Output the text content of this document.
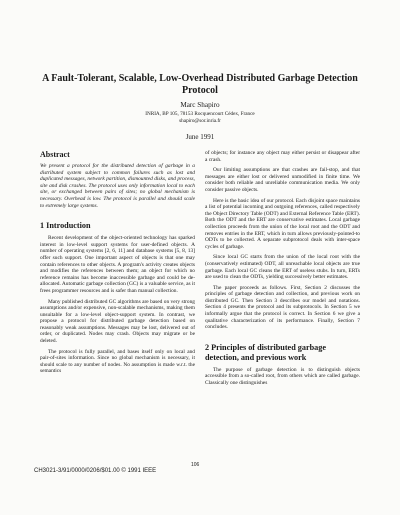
A Fault-Tolerant, Scalable, Low-Overhead Distributed Garbage Detection Protocol
Marc Shapiro
INRIA, BP 105, 78153 Rocquencourt Cédex, France
shapiro@sor.inria.fr
June 1991
Abstract

We present a protocol for the distributed detection of garbage in a distributed system subject to common failures such as lost and duplicated messages, network partition, dismounted disks, and process, site and disk crashes. The protocol uses only information local to each site, or exchanged between pairs of sites; no global mechanism is necessary. Overhead is low. The protocol is parallel and should scale to extremely large systems.

1 Introduction

Recent development of the object-oriented technology has sparked interest in low-level support systems for user-defined objects. A number of operating systems [2, 6, 11] and database systems [5, 8, 13] offer such support. One important aspect of objects is that one may contain references to other objects. A program's activity creates objects and modifies the references between them; an object for which no reference remains has become inaccessible garbage and could be de-allocated. Automatic garbage collection (GC) is a valuable service, as it frees programmer resources and is safer than manual collection.

Many published distributed GC algorithms are based on very strong assumptions and/or expensive, non-scalable mechanisms, making them unsuitable for a low-level object-support system. In contrast, we propose a protocol for distributed garbage detection based on reasonably weak assumptions. Messages may be lost, delivered out of order, or duplicated. Nodes may crash. Objects may migrate or be deleted.

The protocol is fully parallel, and bases itself only on local and pair-of-sites information. Since no global mechanism is necessary, it should scale to any number of nodes. No assumption is made w.r.t. the semantics

of objects; for instance any object may either persist or disappear after a crash.

Our limiting assumptions are that crashes are fail-stop, and that messages are either lost or delivered unmodified in finite time. We consider both reliable and unreliable communication media. We only consider passive objects.

Here is the basic idea of our protocol. Each disjoint space maintains a list of potential incoming and outgoing references, called respectively the Object Directory Table (ODT) and External Reference Table (ERT). Both the ODT and the ERT are conservative estimates. Local garbage collection proceeds from the union of the local root and the ODT and removes entries in the ERT, which in turn allows previously-pointed-to ODTs to be collected. A separate subprotocol deals with inter-space cycles of garbage.

Since local GC starts from the union of the local root with the (conservatively estimated) ODT, all unreachable local objects are true garbage. Each local GC cleans the ERT of useless stubs. In turn, ERTs are used to clean the ODTs, yielding successively better estimates.

The paper proceeds as follows. First, Section 2 discusses the principles of garbage detection and collection, and previous work on distributed GC. Then Section 3 describes our model and notations. Section 4 presents the protocol and its subprotocols. In Section 5 we informally argue that the protocol is correct. In Section 6 we give a qualitative characterization of its performance. Finally, Section 7 concludes.

2 Principles of distributed garbage detection, and previous work

The purpose of garbage detection is to distinguish objects accessible from a so-called root, from others which are called garbage. Classically one distinguishes

106
CH3021-3/91/0000/0206/$01.00 © 1991 IEEE
